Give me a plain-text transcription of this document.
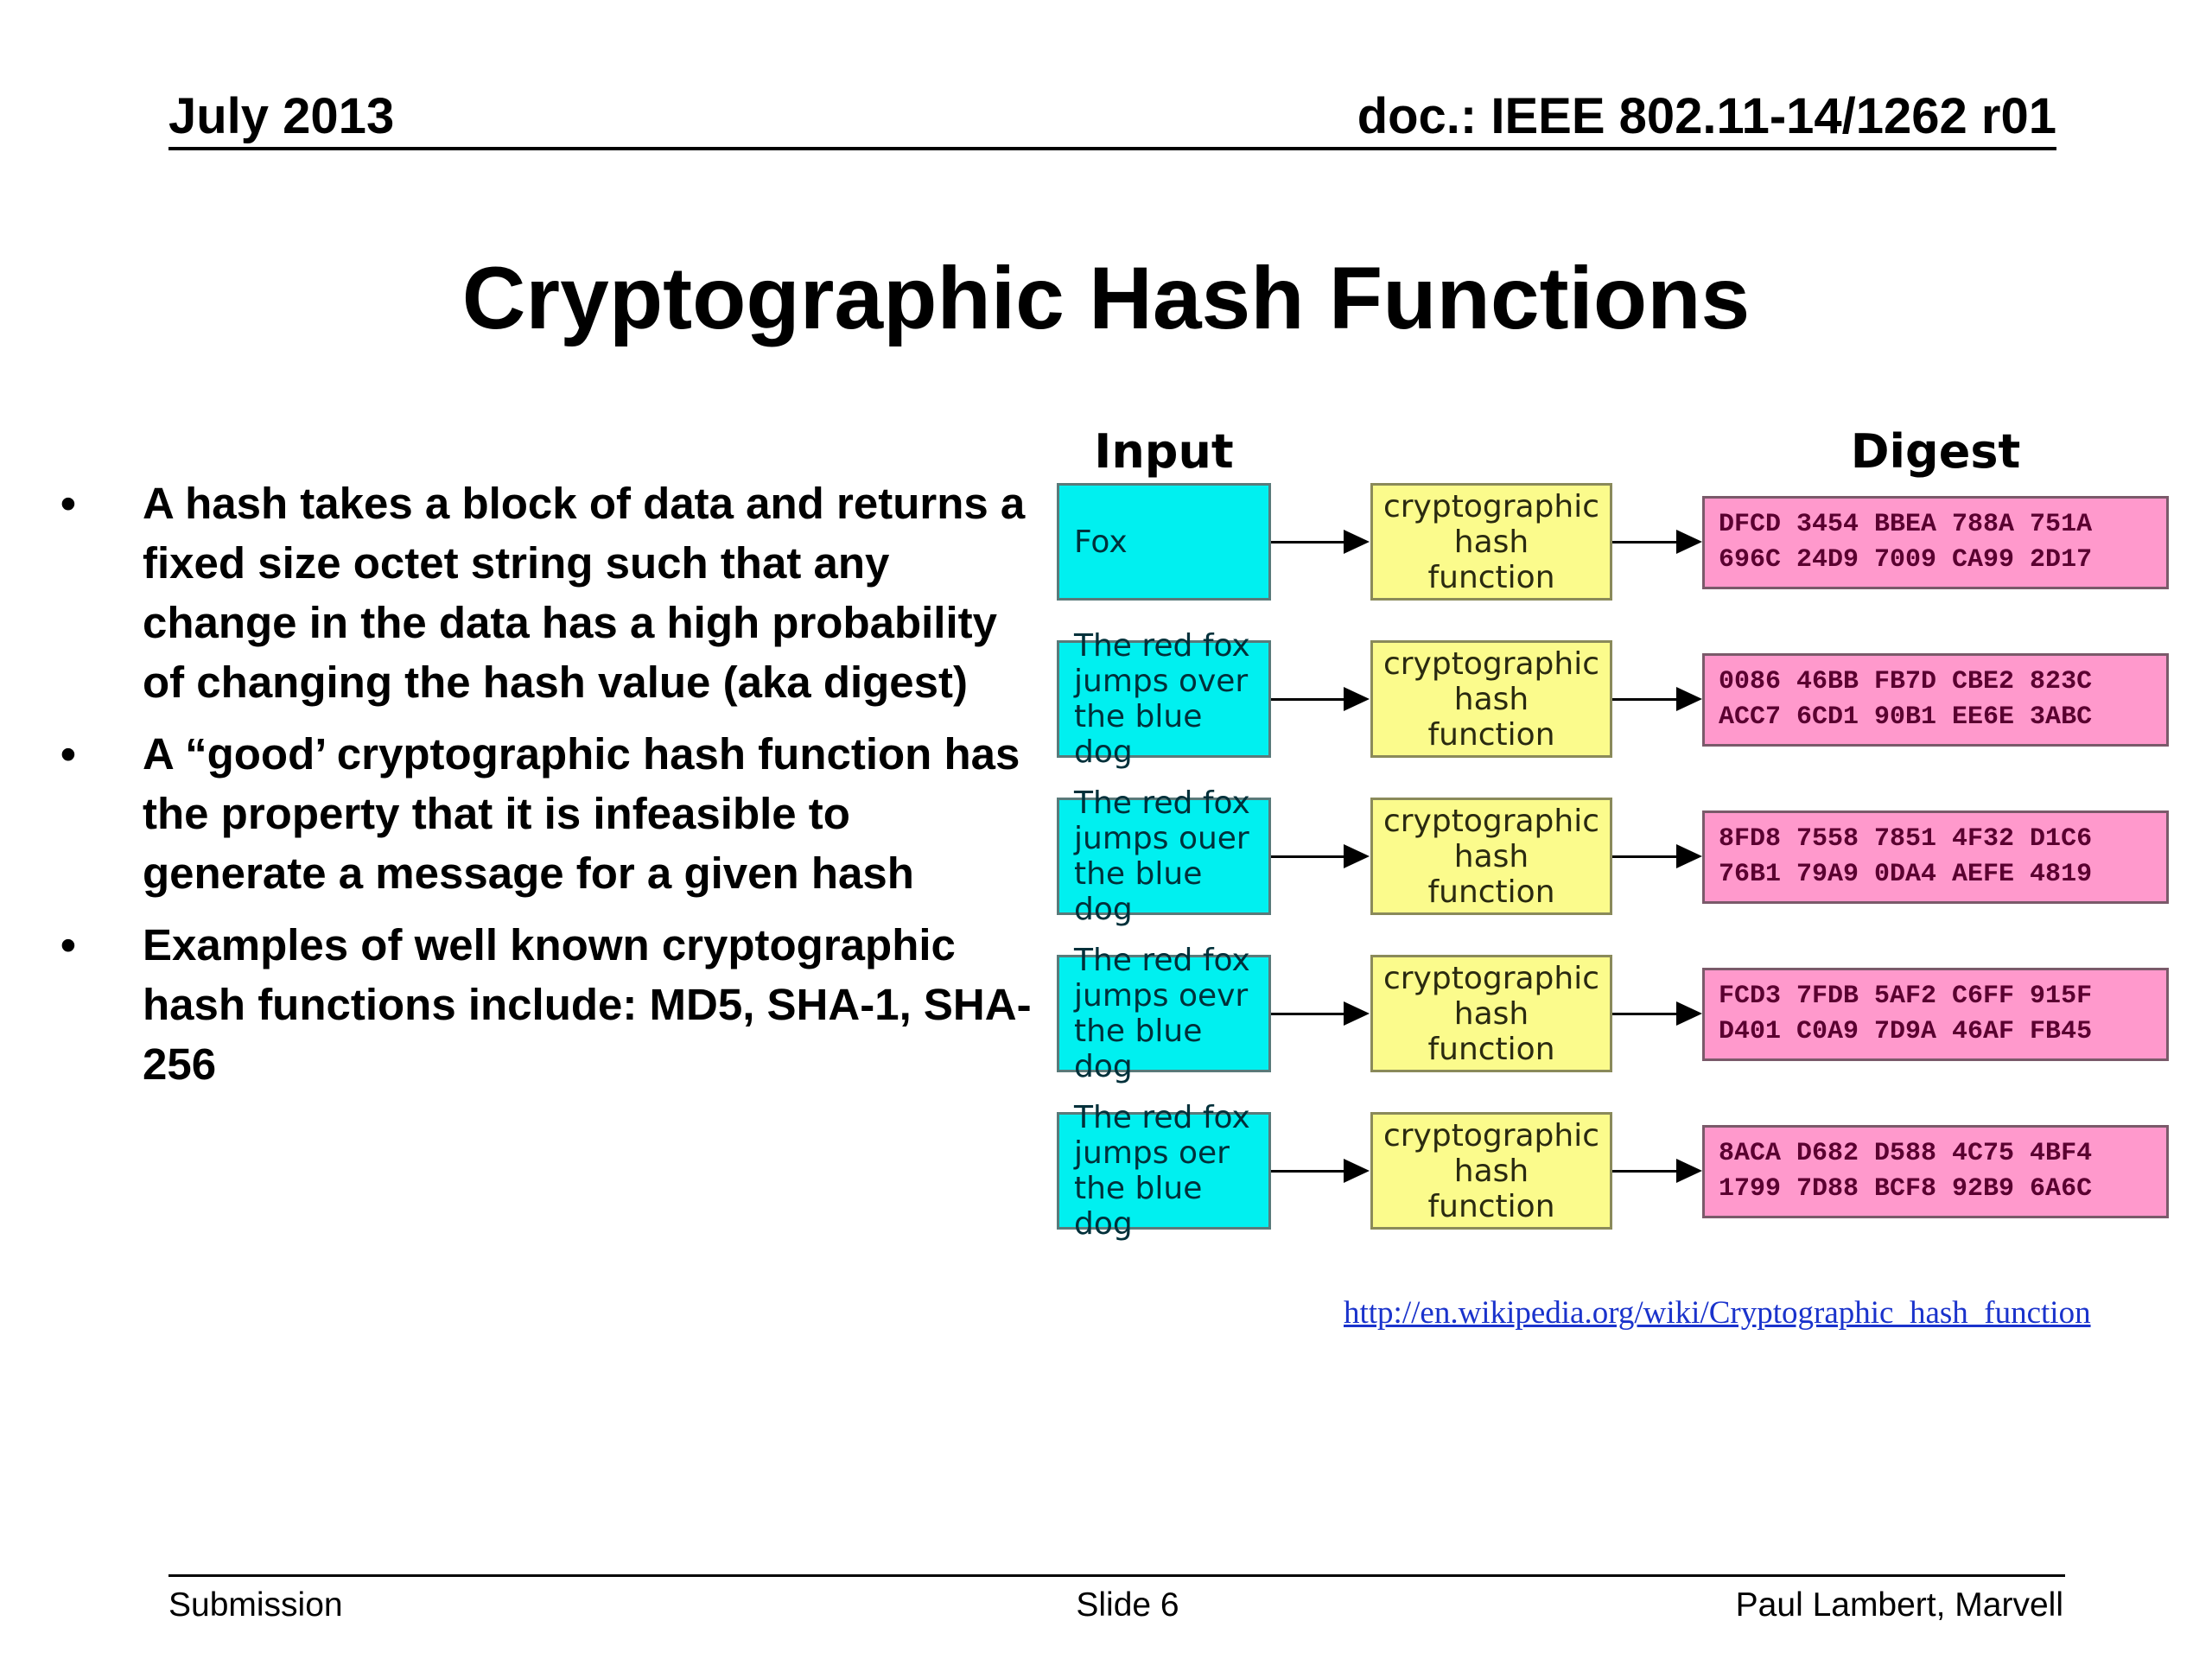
July 2013	doc.: IEEE 802.11-14/1262 r01
Cryptographic Hash Functions
• A hash takes a block of data and returns a fixed size octet string such that any change in the data has a high probability of changing the hash value (aka digest)
• A “good’ cryptographic hash function has the property that it is infeasible to generate a message for a given hash
• Examples of well known cryptographic hash functions include: MD5, SHA-1, SHA-256
Input	Digest
Fox
cryptographic
hash
function
DFCD 3454 BBEA 788A 751A
696C 24D9 7009 CA99 2D17
The red fox
jumps over
the blue dog
cryptographic
hash
function
0086 46BB FB7D CBE2 823C
ACC7 6CD1 90B1 EE6E 3ABC
The red fox
jumps ouer
the blue dog
cryptographic
hash
function
8FD8 7558 7851 4F32 D1C6
76B1 79A9 0DA4 AEFE 4819
The red fox
jumps oevr
the blue dog
cryptographic
hash
function
FCD3 7FDB 5AF2 C6FF 915F
D401 C0A9 7D9A 46AF FB45
The red fox
jumps oer
the blue dog
cryptographic
hash
function
8ACA D682 D588 4C75 4BF4
1799 7D88 BCF8 92B9 6A6C
http://en.wikipedia.org/wiki/Cryptographic_hash_function
Submission	Slide 6	Paul Lambert, Marvell
